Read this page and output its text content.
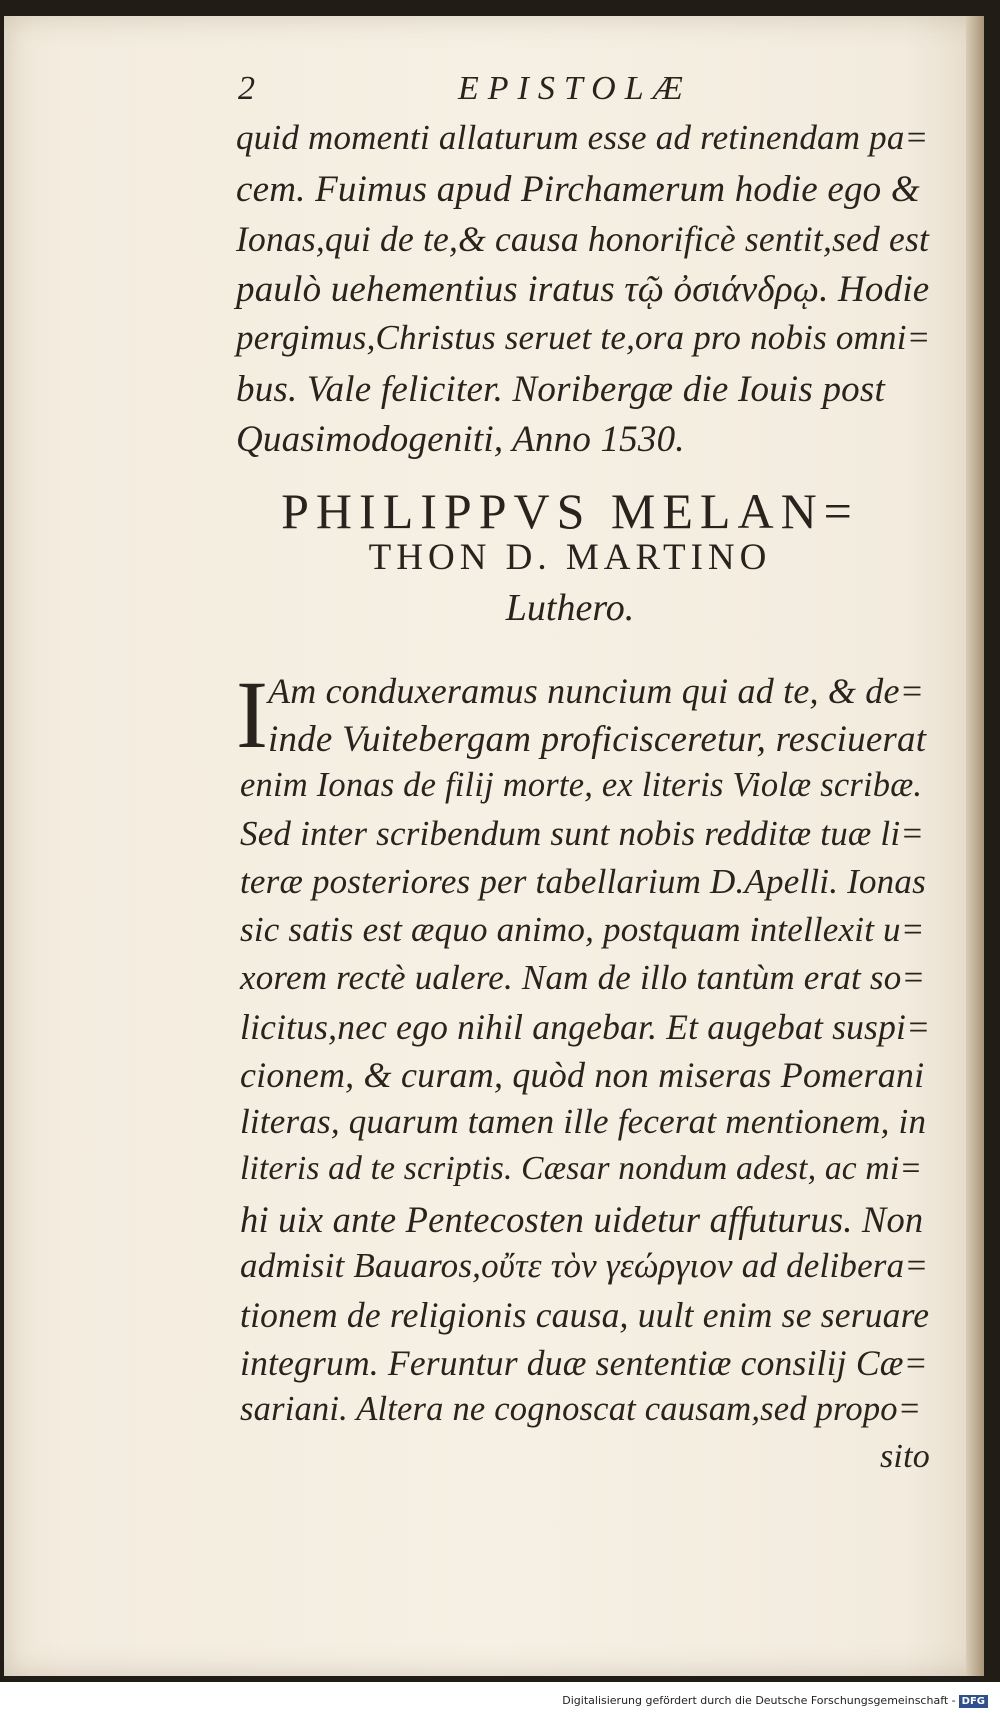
2	EPISTOLÆ
quid momenti allaturum esse ad retinendam pa=
cem. Fuimus apud Pirchamerum hodie ego &
Ionas,qui de te,& causa honorificè sentit,sed est
paulò uehementius iratus τῷ ὀσιάνδρῳ. Hodie
pergimus,Christus seruet te,ora pro nobis omni=
bus. Vale feliciter. Noribergæ die Iouis post
Quasimodogeniti, Anno 1530.
PHILIPPVS MELAN=
THON D. MARTINO
Luthero.
I Am conduxeramus nuncium qui ad te, & de=
inde Vuitebergam proficisceretur, resciuerat
enim Ionas de filij morte, ex literis Violæ scribæ.
Sed inter scribendum sunt nobis redditæ tuæ li=
teræ posteriores per tabellarium D.Apelli. Ionas
sic satis est æquo animo, postquam intellexit u=
xorem rectè ualere. Nam de illo tantùm erat so=
licitus,nec ego nihil angebar. Et augebat suspi=
cionem, & curam, quòd non miseras Pomerani
literas, quarum tamen ille fecerat mentionem, in
literis ad te scriptis. Cæsar nondum adest, ac mi=
hi uix ante Pentecosten uidetur affuturus. Non
admisit Bauaros,οὔτε τὸν γεώργιον ad delibera=
tionem de religionis causa, uult enim se seruare
integrum. Feruntur duæ sententiæ consilij Cæ=
sariani. Altera ne cognoscat causam,sed propo=
sito
Digitalisierung gefördert durch die Deutsche Forschungsgemeinschaft - DFG
